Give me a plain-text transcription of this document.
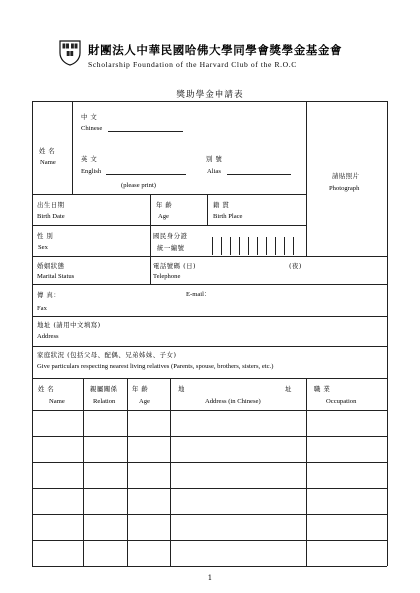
財團法人中華民國哈佛大學同學會獎學金基金會
Scholarship Foundation of the Harvard Club of the R.O.C
獎助學金申請表
姓 名
Name
中 文
Chinese
英 文
English
別 號
Alias
(please print)
請貼照片
Photograph
出生日期
Birth Date
年 齡
Age
籍 貫
Birth Place
性 別
Sex
國民身分證
統一編號
婚姻狀態
Marital Status
電話號碼 (日)	(夜)
Telephone
傳 真：
Fax
E-mail：
地址 (請用中文填寫)
Address
家庭狀況 (包括父母、配偶、兄弟姊妹、子女)
Give particulars respecting nearest living relatives (Parents, spouse, brothers, sisters, etc.)
姓 名
Name
親屬關係
Relation
年 齡
Age
地	址
Address (in Chinese)
職 業
Occupation
1
